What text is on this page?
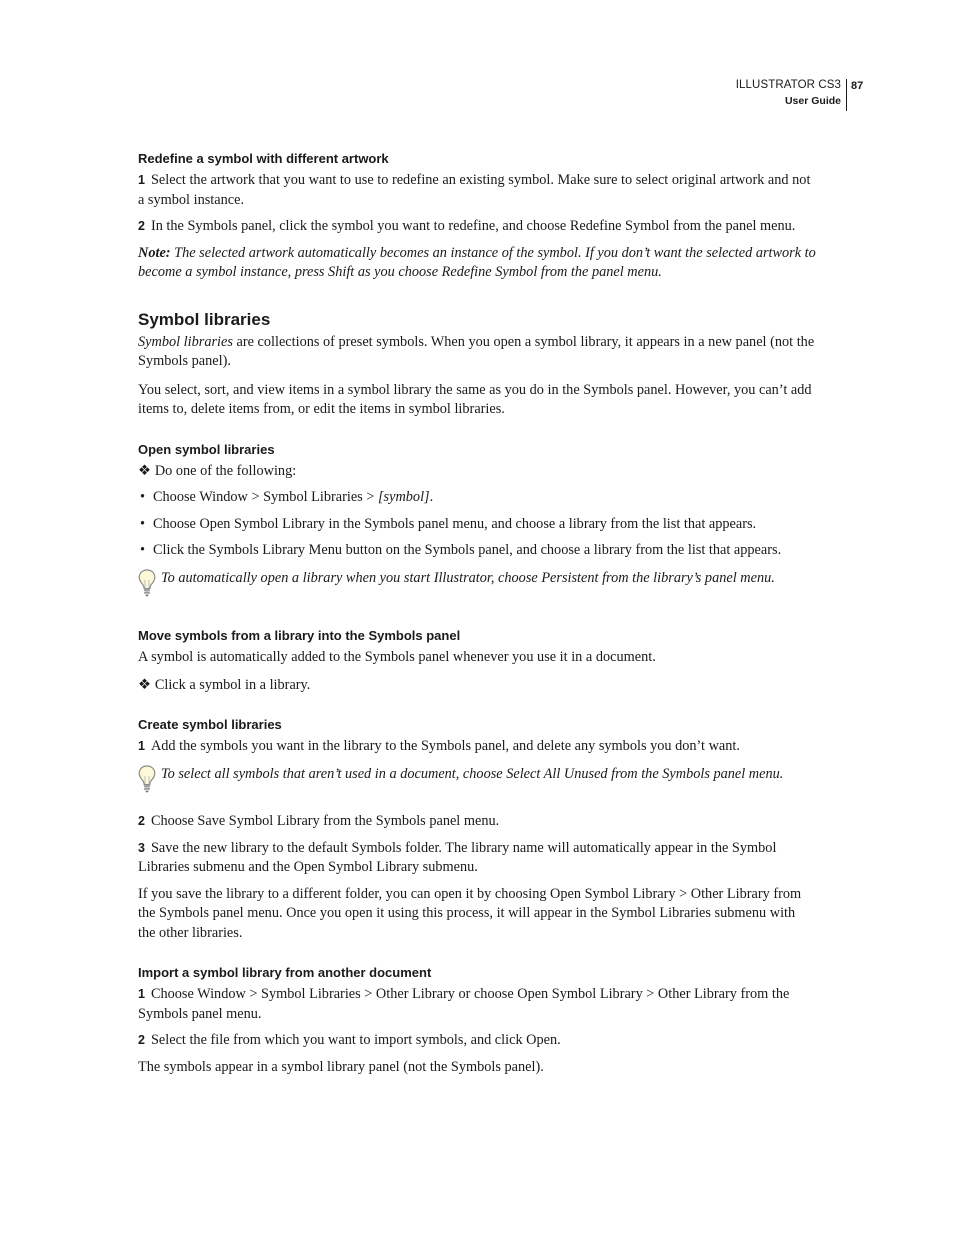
ILLUSTRATOR CS3
User Guide
87
Redefine a symbol with different artwork

1 Select the artwork that you want to use to redefine an existing symbol. Make sure to select original artwork and not a symbol instance.

2 In the Symbols panel, click the symbol you want to redefine, and choose Redefine Symbol from the panel menu.

Note: The selected artwork automatically becomes an instance of the symbol. If you don’t want the selected artwork to become a symbol instance, press Shift as you choose Redefine Symbol from the panel menu.

Symbol libraries

Symbol libraries are collections of preset symbols. When you open a symbol library, it appears in a new panel (not the Symbols panel).

You select, sort, and view items in a symbol library the same as you do in the Symbols panel. However, you can’t add items to, delete items from, or edit the items in symbol libraries.

Open symbol libraries

❖ Do one of the following:

• Choose Window > Symbol Libraries > [symbol].

• Choose Open Symbol Library in the Symbols panel menu, and choose a library from the list that appears.

• Click the Symbols Library Menu button on the Symbols panel, and choose a library from the list that appears.

To automatically open a library when you start Illustrator, choose Persistent from the library’s panel menu.

Move symbols from a library into the Symbols panel

A symbol is automatically added to the Symbols panel whenever you use it in a document.

❖ Click a symbol in a library.

Create symbol libraries

1 Add the symbols you want in the library to the Symbols panel, and delete any symbols you don’t want.

To select all symbols that aren’t used in a document, choose Select All Unused from the Symbols panel menu.

2 Choose Save Symbol Library from the Symbols panel menu.

3 Save the new library to the default Symbols folder. The library name will automatically appear in the Symbol Libraries submenu and the Open Symbol Library submenu.

If you save the library to a different folder, you can open it by choosing Open Symbol Library > Other Library from the Symbols panel menu. Once you open it using this process, it will appear in the Symbol Libraries submenu with the other libraries.

Import a symbol library from another document

1 Choose Window > Symbol Libraries > Other Library or choose Open Symbol Library > Other Library from the Symbols panel menu.

2 Select the file from which you want to import symbols, and click Open.

The symbols appear in a symbol library panel (not the Symbols panel).
